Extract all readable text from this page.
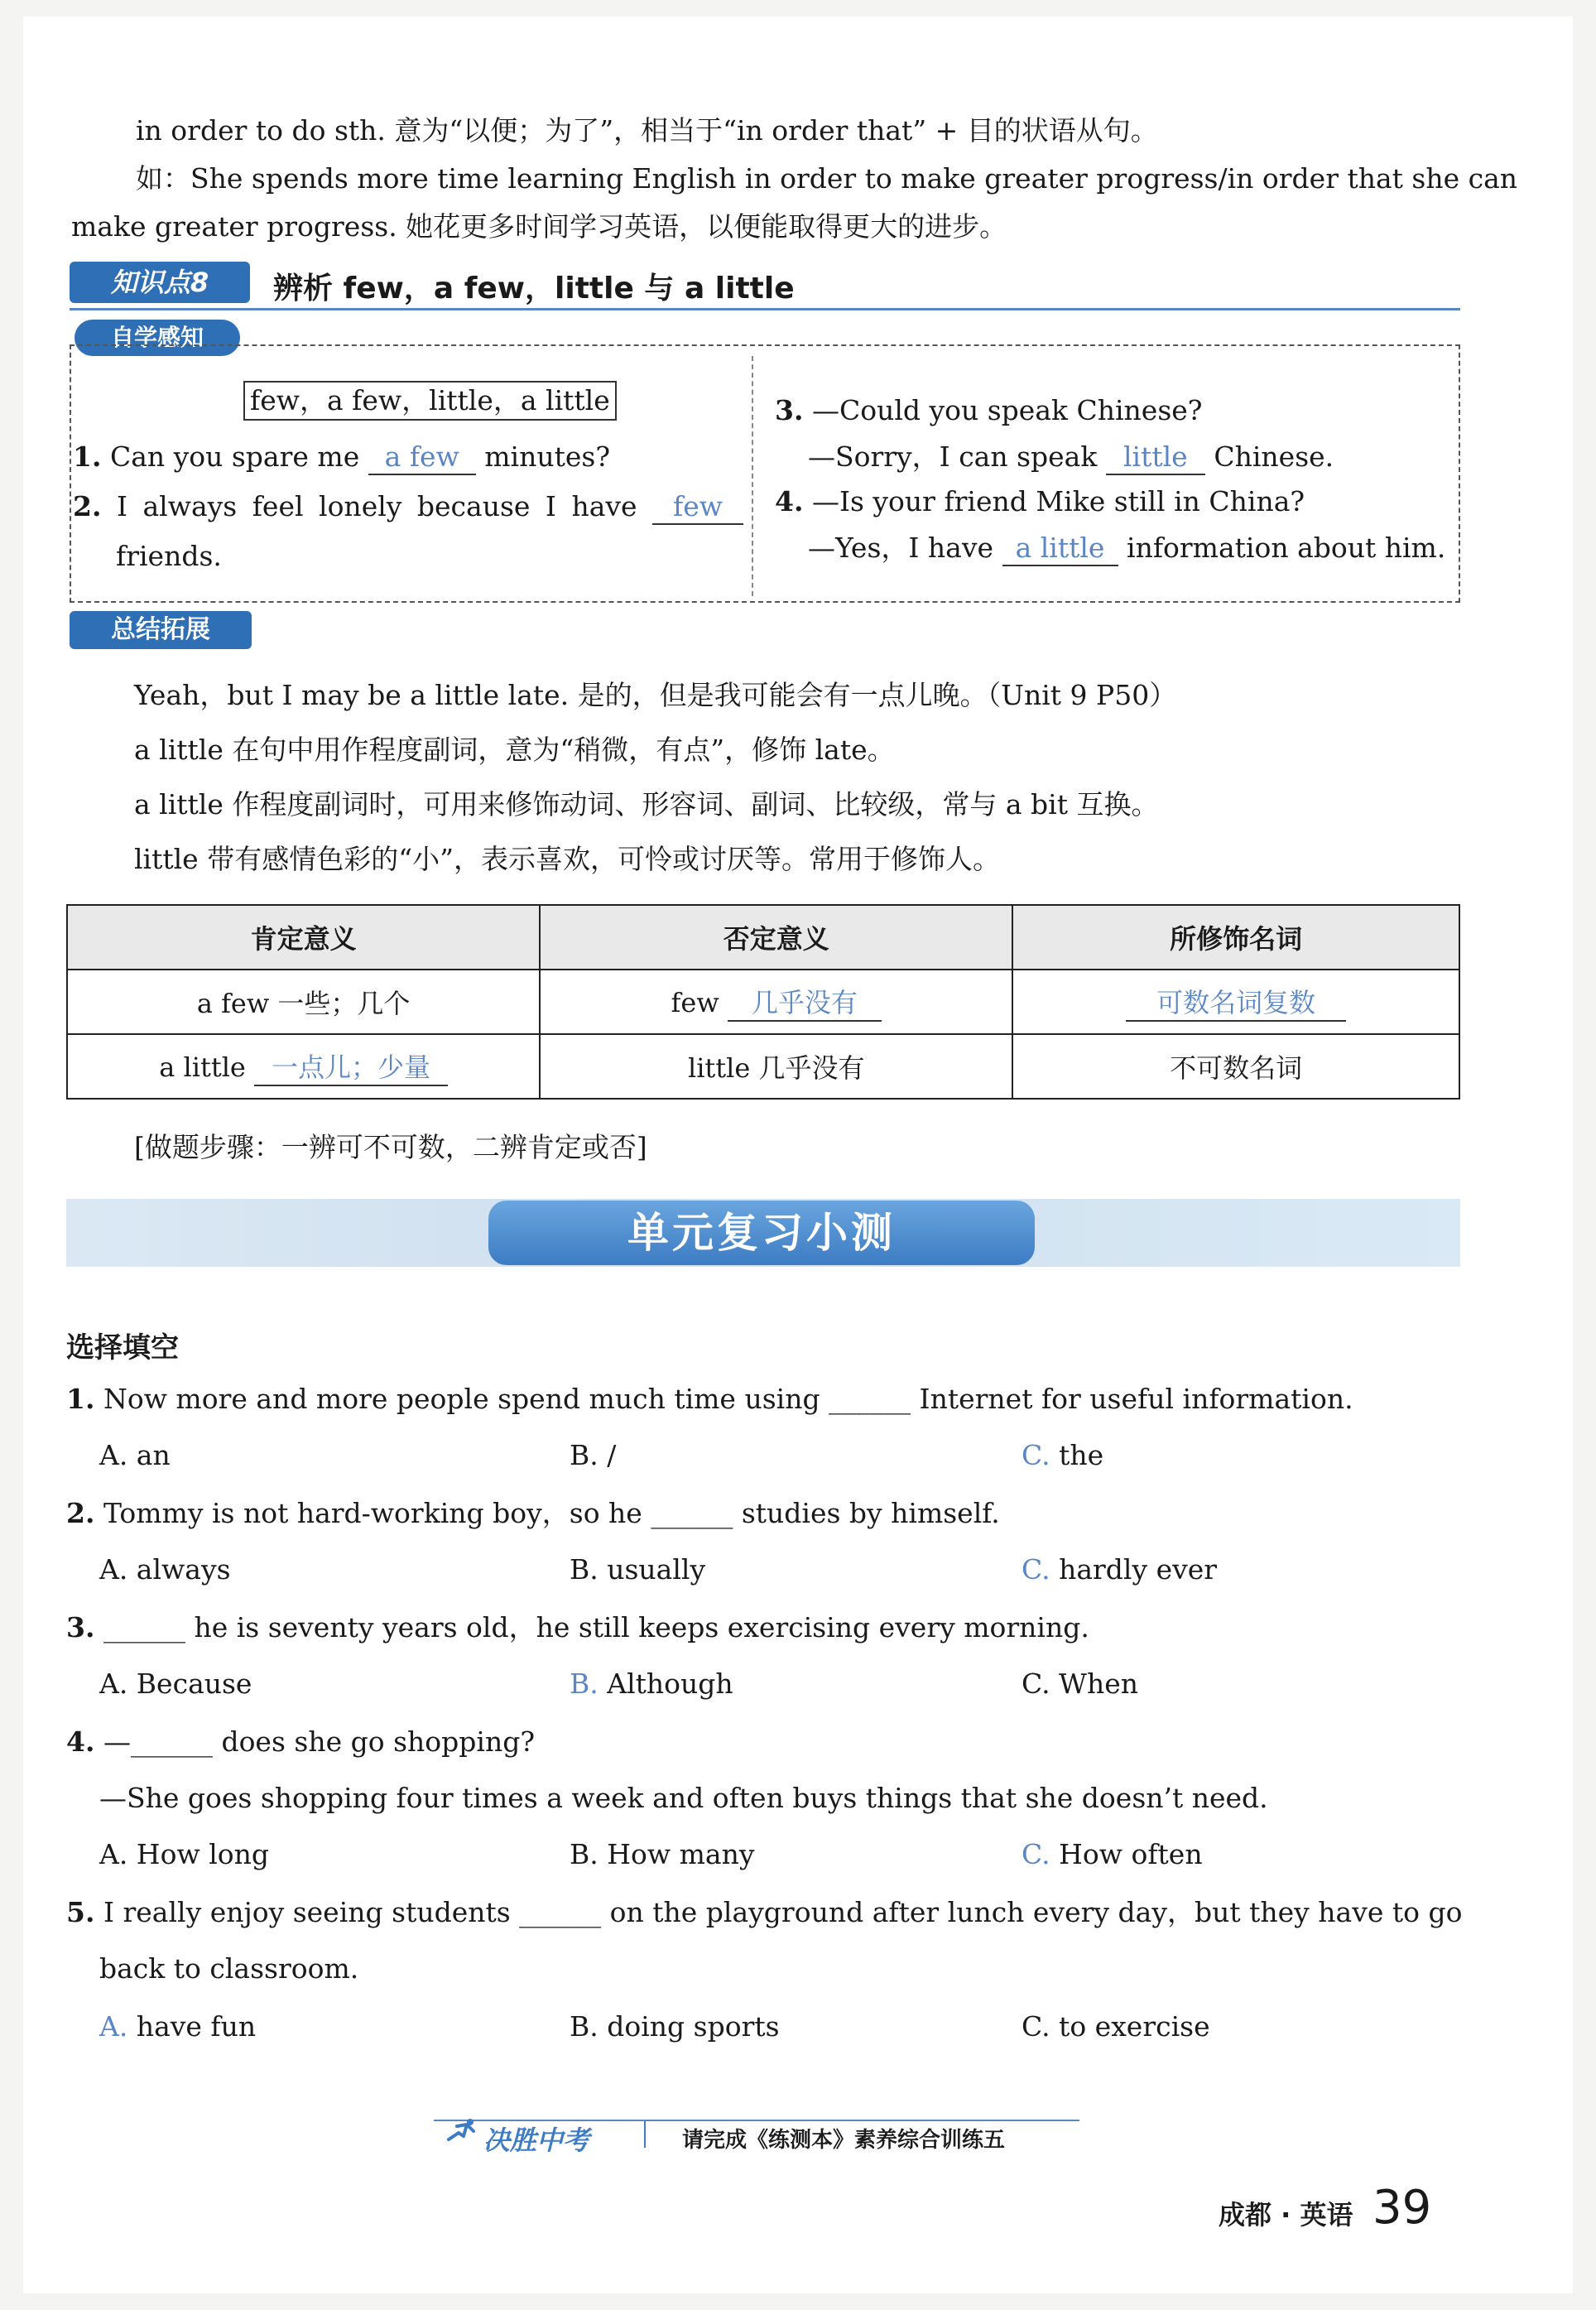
in order to do sth. 意为“以便；为了”，相当于“in order that” + 目的状语从句。
如：She spends more time learning English in order to make greater progress/in order that she can
make greater progress. 她花更多时间学习英语，以便能取得更大的进步。
知识点8	辨析 few，a few，little 与 a little
自学感知
few，a few，little，a little
1. Can you spare me a few minutes?
2. I always feel lonely because I have few
friends.
3. —Could you speak Chinese?
—Sorry，I can speak little Chinese.
4. —Is your friend Mike still in China?
—Yes，I have a little information about him.
总结拓展
Yeah，but I may be a little late. 是的，但是我可能会有一点儿晚。（Unit 9 P50）
a little 在句中用作程度副词，意为“稍微，有点”，修饰 late。
a little 作程度副词时，可用来修饰动词、形容词、副词、比较级，常与 a bit 互换。
little 带有感情色彩的“小”，表示喜欢，可怜或讨厌等。常用于修饰人。
肯定意义	否定意义	所修饰名词
a few 一些；几个	few 几乎没有	可数名词复数
a little 一点儿；少量	little 几乎没有	不可数名词
[做题步骤：一辨可不可数，二辨肯定或否]
单元复习小测
选择填空
1. Now more and more people spend much time using ______ Internet for useful information.
A. an	B. /	C. the
2. Tommy is not hard-working boy，so he ______ studies by himself.
A. always	B. usually	C. hardly ever
3. ______ he is seventy years old，he still keeps exercising every morning.
A. Because	B. Although	C. When
4. —______ does she go shopping?
—She goes shopping four times a week and often buys things that she doesn’t need.
A. How long	B. How many	C. How often
5. I really enjoy seeing students ______ on the playground after lunch every day，but they have to go
back to classroom.
A. have fun	B. doing sports	C. to exercise
决胜中考	请完成《练测本》素养综合训练五
成都 · 英语 39
